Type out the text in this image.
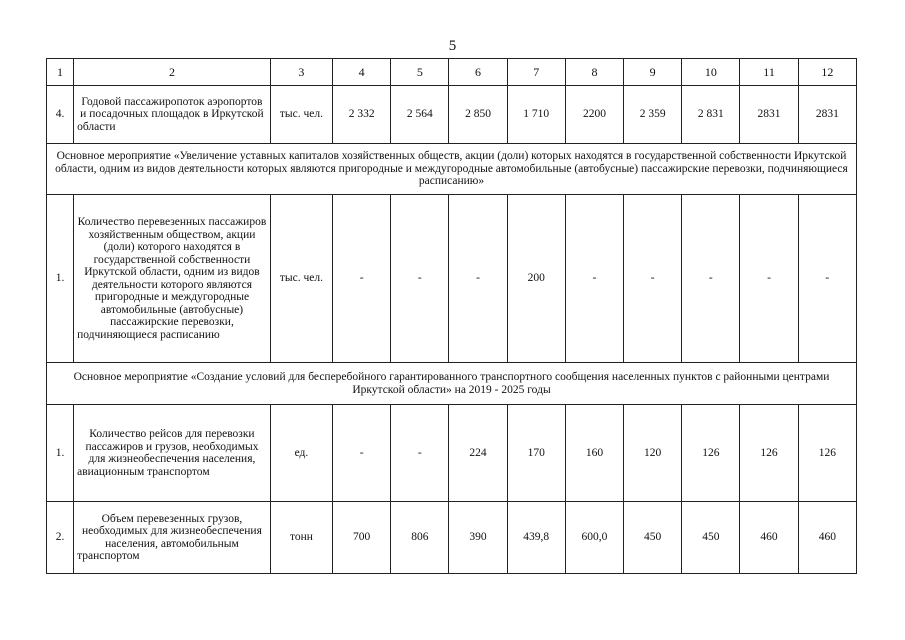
5
1	2	3	4	5	6	7	8	9	10	11	12
4.	Годовой пассажиропоток аэропортов и посадочных площадок в Иркутской области	тыс. чел.	2 332	2 564	2 850	1 710	2200	2 359	2 831	2831	2831
Основное мероприятие «Увеличение уставных капиталов хозяйственных обществ, акции (доли) которых находятся в государственной собственности Иркутской области, одним из видов деятельности которых являются пригородные и междугородные автомобильные (автобусные) пассажирские перевозки, подчиняющиеся расписанию»											
1.	Количество перевезенных пассажиров хозяйственным обществом, акции (доли) которого находятся в государственной собственности Иркутской области, одним из видов деятельности которого являются пригородные и междугородные автомобильные (автобусные) пассажирские перевозки, подчиняющиеся расписанию	тыс. чел.	-	-	-	200	-	-	-	-	-
Основное мероприятие «Создание условий для бесперебойного гарантированного транспортного сообщения населенных пунктов с районными центрами Иркутской области» на 2019 - 2025 годы											
1.	Количество рейсов для перевозки пассажиров и грузов, необходимых для жизнеобеспечения населения, авиационным транспортом	ед.	-	-	224	170	160	120	126	126	126
2.	Объем перевезенных грузов, необходимых для жизнеобеспечения населения, автомобильным транспортом	тонн	700	806	390	439,8	600,0	450	450	460	460
